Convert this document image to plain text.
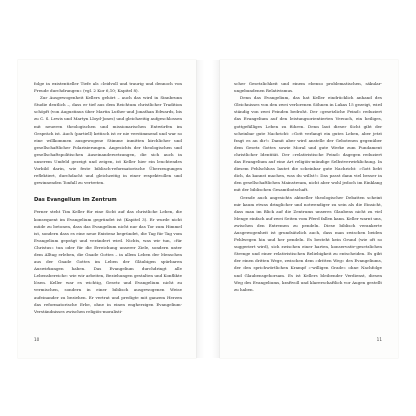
folge in existentieller Tiefe als »leidvoll und traurig und dennoch von Freude durchdrungen« (vgl. 2 Kor 6,10; Kapitel 8).

Zur Ausgewogenheit Kellers gehört – auch das wird in Sinnbrunn Studie deutlich –, dass er tief aus dem Reichtum christlicher Tradition schöpft (von Augustinus über Martin Luther und Jonathan Edwards, bis zu C. S. Lewis und Martyn Lloyd-Jones) und gleichzeitig aufgeschlossen mit neueren theologischen und missionarischen Entwürfen im Gespräch ist. Auch (partiell) kritisch ist er nie verstimmend und war so eine willkommen ausgewogene Stimme inmitten kirchlicher und gesellschaftlicher Polarisierungen. Angesichts der theologischen und gesellschaftspolitischen Auseinandersetzungen, die sich auch in unserem Umfeld gezeigt und zeigen, ist Keller hier ein leuchtendes Vorbild darin, wie feste biblisch-reformatorische Überzeugungen reflektiert, durchdacht und gleichzeitig in einer respektvollen und gewinnenden Tonfall zu vertreten.

Das Evangelium im Zentrum

Ferner steht Tim Keller für eine Sicht auf das christliche Leben, die konsequent im Evangelium gegründet ist (Kapitel 3). Er wurde nicht müde zu betonen, dass das Evangelium nicht nur das Tor zum Himmel ist, sondern dass es eine neue Existenz begründet, die Tag für Tag vom Evangelium geprägt und verändert wird. Nichts, was wir tun, »für Christus« tun oder für die Erreichung unserer Ziele, sondern unter dem Alltag erleben, die Gnade Gottes – in allem Leben der Menschen aus der Gnade Gottes im Leben der Gläubigen spürbaren Auswirkungen haben. Das Evangelium durchdringt alle Lebensbereiche: wie wir arbeiten, Beziehungen gestalten und Konflikte lösen. Keller war es wichtig, Gesetz und Evangelium nicht zu vermischen, sondern in einer biblisch ausgewogenen Weise aufeinander zu beziehen. Er vertrat und predigte mit ganzem Herzen das reformatorische Erbe, ohne in einen engherzigen Evangelium-Verständnisses zwischen religiös-moralisti-

10

scher Gesetzlichkeit und einem ebenso problematischen, säkular-ungebundenen Relativismus.

Denn das Evangelium, das hat Keller eindrücklich anhand des Gleichnisses von den zwei verlorenen Söhnen in Lukas 15 gezeigt, wird ständig von zwei Feinden bedroht. Der »gesetzliche Feind« reduziert das Evangelium auf den leistungsorientierten Versuch, ein heiliges, gottgefälliges Leben zu führen. Denn laut dieser Sicht gibt der scheinbar gute Nachricht: »Gott verlangt ein gutes Leben, aber jetzt fragt es an dir!« Damit aber wird anstelle der Gebotenen gegenüber dem Gesetz Gottes sowie Moral und gute Werke zum Fundament christlicher Identität. Der »relativistische Feind« dagegen reduziert das Evangelium auf eine Art religiös-mündige Selbstverwirklichung. In diesem Fehlschluss lautet die scheinbar gute Nachricht: »Gott liebt dich, da kannst machen, was du willst!« Das passt dann viel besser in den gesellschaftlichen Mainstream, nicht aber wohl jedoch im Einklang mit der biblischen Gesamtbotschaft.

Gerade auch angesichts aktueller theologischer Debatten scheint mir kaum etwas dringlicher und notwendiger zu sein als die Einsicht, dass man im Blick auf die Zentrums unseres Glaubens nicht zu viel Menge einfach auf zwei Seiten vom Pferd fallen kann. Keller warnt uns, zwischen den Extremen zu pendeln. Diese biblisch verankerte Ausgewogenheit ist grundsätzlich auch, dass man zwischen beiden Fehlwegen hin und her pendeln. Es besteht kein Grund (wie oft so suggeriert wird), sich zwischen einer harten, konservativ-gesetzlichen Strenge und einer relativistischen Beliebigkeit zu entscheiden. Es gibt der einen dritten Wege, zwischen dem »dritten Weg« des Evangeliums, der den sprichwörtlichen Krampf »-willigen Grade« ohne Nachfolge und Glaubensgehorsam. Es ist Kellers bleibender Verdienst, diesen Weg des Evangeliums, kraftvoll und klarerschaftlich vor Augen gestellt zu haben.

11
